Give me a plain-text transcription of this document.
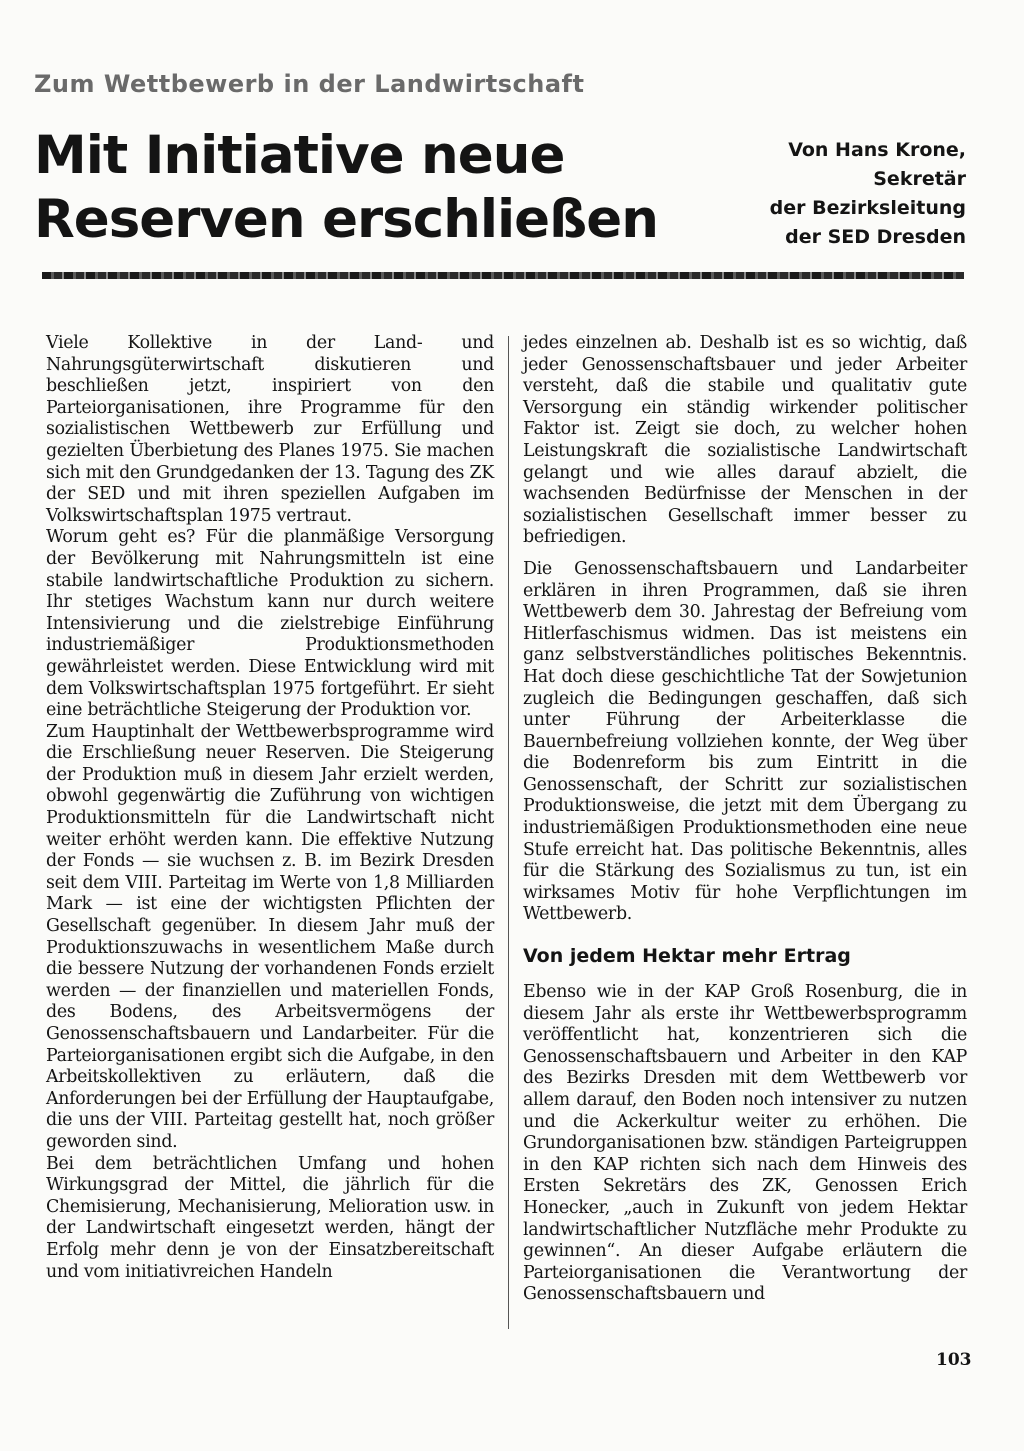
Zum Wettbewerb in der Landwirtschaft
Mit Initiative neue
Reserven erschließen
Von Hans Krone,
Sekretär
der Bezirksleitung
der SED Dresden

Viele Kollektive in der Land- und Nahrungsgüterwirtschaft diskutieren und beschließen jetzt, inspiriert von den Parteiorganisationen, ihre Programme für den sozialistischen Wettbewerb zur Erfüllung und gezielten Überbietung des Planes 1975. Sie machen sich mit den Grundgedanken der 13. Tagung des ZK der SED und mit ihren speziellen Aufgaben im Volkswirtschaftsplan 1975 vertraut.

Worum geht es? Für die planmäßige Versorgung der Bevölkerung mit Nahrungsmitteln ist eine stabile landwirtschaftliche Produktion zu sichern. Ihr stetiges Wachstum kann nur durch weitere Intensivierung und die zielstrebige Einführung industriemäßiger Produktionsmethoden gewährleistet werden. Diese Entwicklung wird mit dem Volkswirtschaftsplan 1975 fortgeführt. Er sieht eine beträchtliche Steigerung der Produktion vor.

Zum Hauptinhalt der Wettbewerbsprogramme wird die Erschließung neuer Reserven. Die Steigerung der Produktion muß in diesem Jahr erzielt werden, obwohl gegenwärtig die Zuführung von wichtigen Produktionsmitteln für die Landwirtschaft nicht weiter erhöht werden kann. Die effektive Nutzung der Fonds — sie wuchsen z. B. im Bezirk Dresden seit dem VIII. Parteitag im Werte von 1,8 Milliarden Mark — ist eine der wichtigsten Pflichten der Gesellschaft gegenüber. In diesem Jahr muß der Produktionszuwachs in wesentlichem Maße durch die bessere Nutzung der vorhandenen Fonds erzielt werden — der finanziellen und materiellen Fonds, des Bodens, des Arbeitsvermögens der Genossenschaftsbauern und Landarbeiter. Für die Parteiorganisationen ergibt sich die Aufgabe, in den Arbeitskollektiven zu erläutern, daß die Anforderungen bei der Erfüllung der Hauptaufgabe, die uns der VIII. Parteitag gestellt hat, noch größer geworden sind.

Bei dem beträchtlichen Umfang und hohen Wirkungsgrad der Mittel, die jährlich für die Chemisierung, Mechanisierung, Melioration usw. in der Landwirtschaft eingesetzt werden, hängt der Erfolg mehr denn je von der Einsatzbereitschaft und vom initiativreichen Handeln

jedes einzelnen ab. Deshalb ist es so wichtig, daß jeder Genossenschaftsbauer und jeder Arbeiter versteht, daß die stabile und qualitativ gute Versorgung ein ständig wirkender politischer Faktor ist. Zeigt sie doch, zu welcher hohen Leistungskraft die sozialistische Landwirtschaft gelangt und wie alles darauf abzielt, die wachsenden Bedürfnisse der Menschen in der sozialistischen Gesellschaft immer besser zu befriedigen.

Die Genossenschaftsbauern und Landarbeiter erklären in ihren Programmen, daß sie ihren Wettbewerb dem 30. Jahrestag der Befreiung vom Hitlerfaschismus widmen. Das ist meistens ein ganz selbstverständliches politisches Bekenntnis. Hat doch diese geschichtliche Tat der Sowjetunion zugleich die Bedingungen geschaffen, daß sich unter Führung der Arbeiterklasse die Bauernbefreiung vollziehen konnte, der Weg über die Bodenreform bis zum Eintritt in die Genossenschaft, der Schritt zur sozialistischen Produktionsweise, die jetzt mit dem Übergang zu industriemäßigen Produktionsmethoden eine neue Stufe erreicht hat. Das politische Bekenntnis, alles für die Stärkung des Sozialismus zu tun, ist ein wirksames Motiv für hohe Verpflichtungen im Wettbewerb.

Von jedem Hektar mehr Ertrag

Ebenso wie in der KAP Groß Rosenburg, die in diesem Jahr als erste ihr Wettbewerbsprogramm veröffentlicht hat, konzentrieren sich die Genossenschaftsbauern und Arbeiter in den KAP des Bezirks Dresden mit dem Wettbewerb vor allem darauf, den Boden noch intensiver zu nutzen und die Ackerkultur weiter zu erhöhen. Die Grundorganisationen bzw. ständigen Parteigruppen in den KAP richten sich nach dem Hinweis des Ersten Sekretärs des ZK, Genossen Erich Honecker, „auch in Zukunft von jedem Hektar landwirtschaftlicher Nutzfläche mehr Produkte zu gewinnen“. An dieser Aufgabe erläutern die Parteiorganisationen die Verantwortung der Genossenschaftsbauern und

103
